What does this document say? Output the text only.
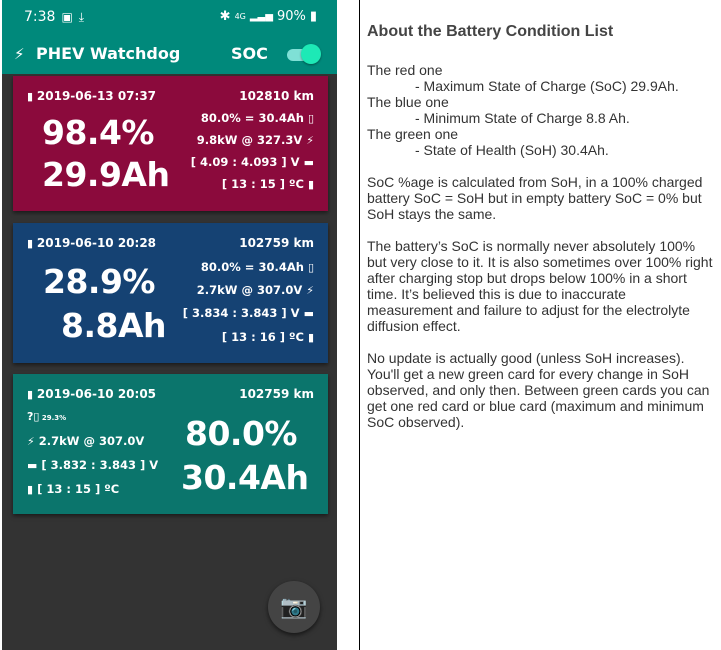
7:38 ▣ ⤓	✱ 4G ▂▃▅ 90% ▮
⚡ PHEV Watchdog	SOC
▮ 2019-06-13 07:37	102810 km
98.4%
29.9Ah
80.0% = 30.4Ah ▯
9.8kW @ 327.3V ⚡
[ 4.09 : 4.093 ] V ▬
[ 13 : 15 ] ºC ▮
▮ 2019-06-10 20:28	102759 km
28.9%
8.8Ah
80.0% = 30.4Ah ▯
2.7kW @ 307.0V ⚡
[ 3.834 : 3.843 ] V ▬
[ 13 : 16 ] ºC ▮
▮ 2019-06-10 20:05	102759 km
?▯ 29.3%
⚡ 2.7kW @ 307.0V
▬ [ 3.832 : 3.843 ] V
▮ [ 13 : 15 ] ºC
80.0%
30.4Ah
📷
About the Battery Condition List
The red one
- Maximum State of Charge (SoC) 29.9Ah.
The blue one
- Minimum State of Charge 8.8 Ah.
The green one
- State of Health (SoH) 30.4Ah.

SoC %age is calculated from SoH, in a 100% charged battery SoC = SoH but in empty battery SoC = 0% but SoH stays the same.

The battery’s SoC is normally never absolutely 100% but very close to it. It is also sometimes over 100% right after charging stop but drops below 100% in a short time. It’s believed this is due to inaccurate measurement and failure to adjust for the electrolyte diffusion effect.

No update is actually good (unless SoH increases). You'll get a new green card for every change in SoH observed, and only then. Between green cards you can get one red card or blue card (maximum and minimum SoC observed).
